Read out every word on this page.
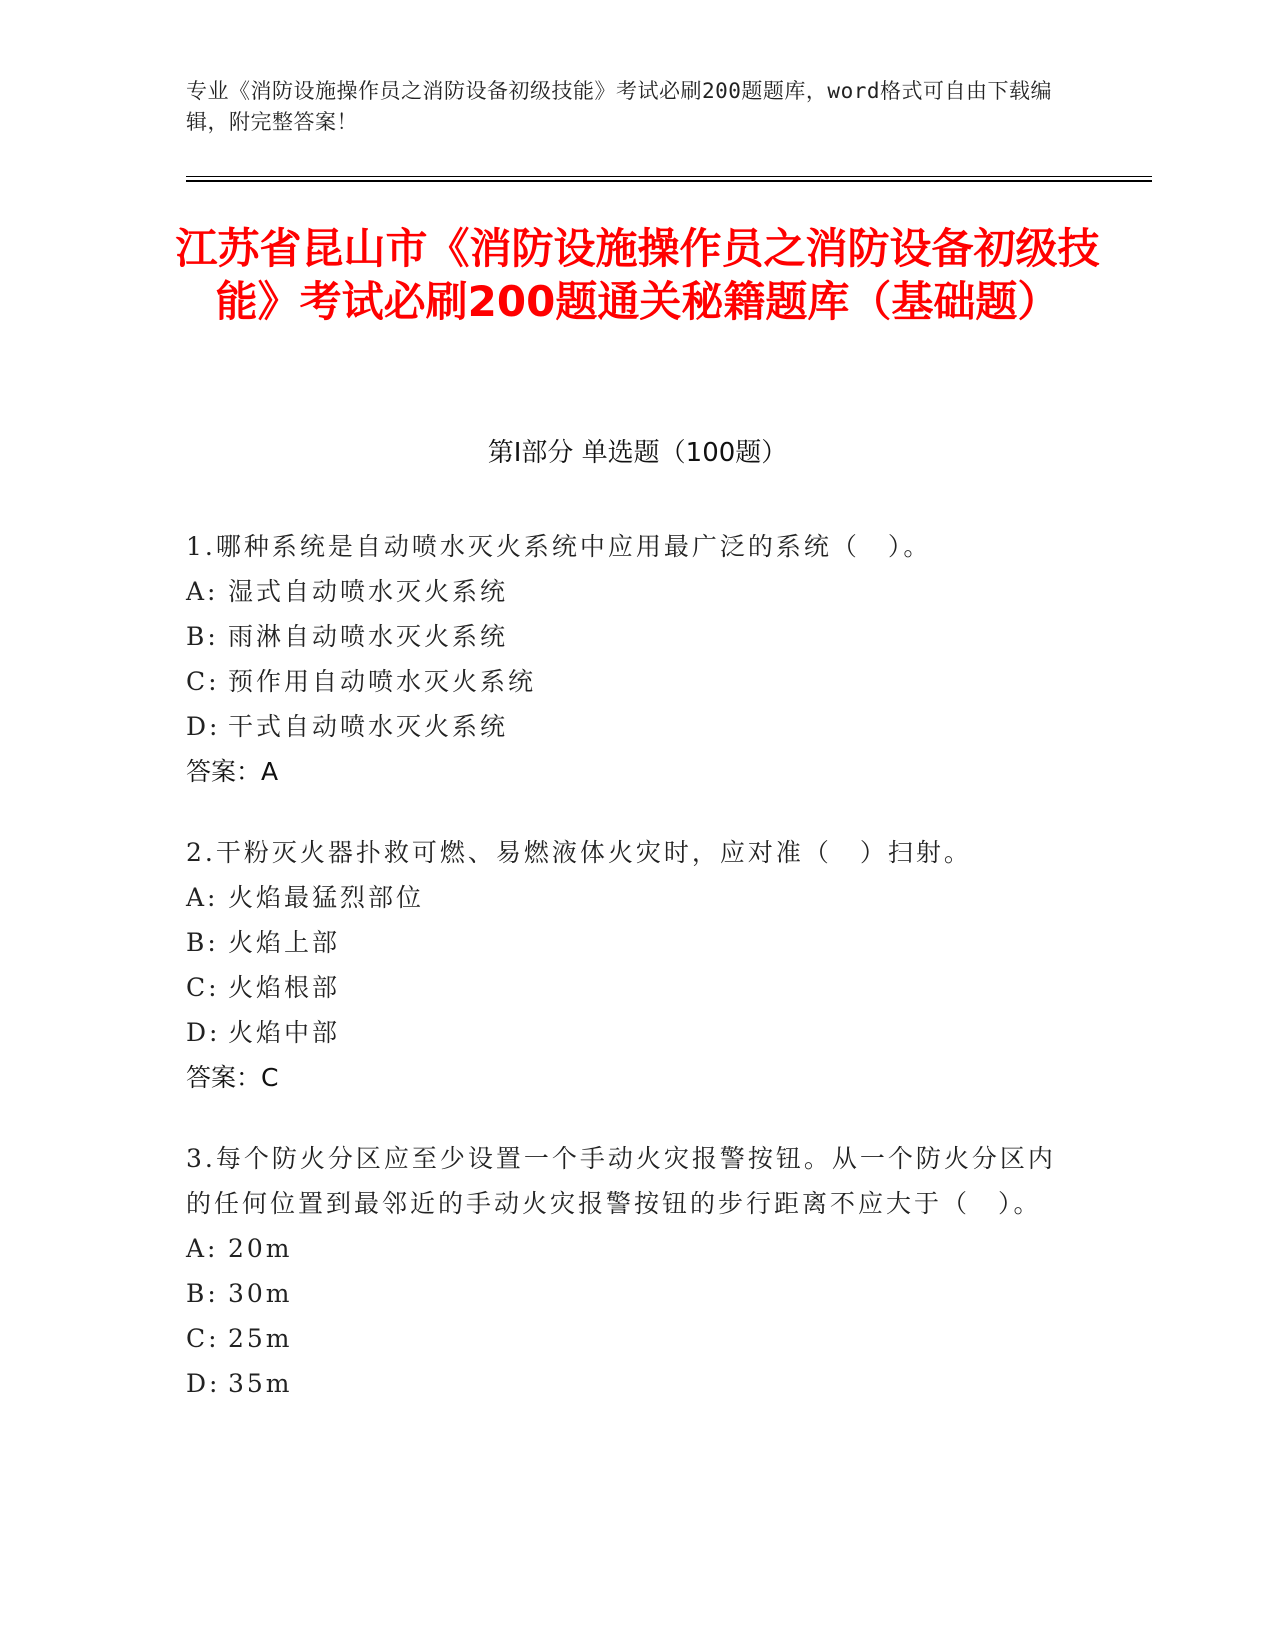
专业《消防设施操作员之消防设备初级技能》考试必刷200题题库，word格式可自由下载编辑，附完整答案！
江苏省昆山市《消防设施操作员之消防设备初级技能》考试必刷200题通关秘籍题库（基础题）
第Ⅰ部分 单选题（100题）
1.哪种系统是自动喷水灭火系统中应用最广泛的系统（　）。
A: 湿式自动喷水灭火系统
B: 雨淋自动喷水灭火系统
C: 预作用自动喷水灭火系统
D: 干式自动喷水灭火系统
答案：A
2.干粉灭火器扑救可燃、易燃液体火灾时，应对准（　）扫射。
A: 火焰最猛烈部位
B: 火焰上部
C: 火焰根部
D: 火焰中部
答案：C
3.每个防火分区应至少设置一个手动火灾报警按钮。从一个防火分区内的任何位置到最邻近的手动火灾报警按钮的步行距离不应大于（　）。
A: 20m
B: 30m
C: 25m
D: 35m
